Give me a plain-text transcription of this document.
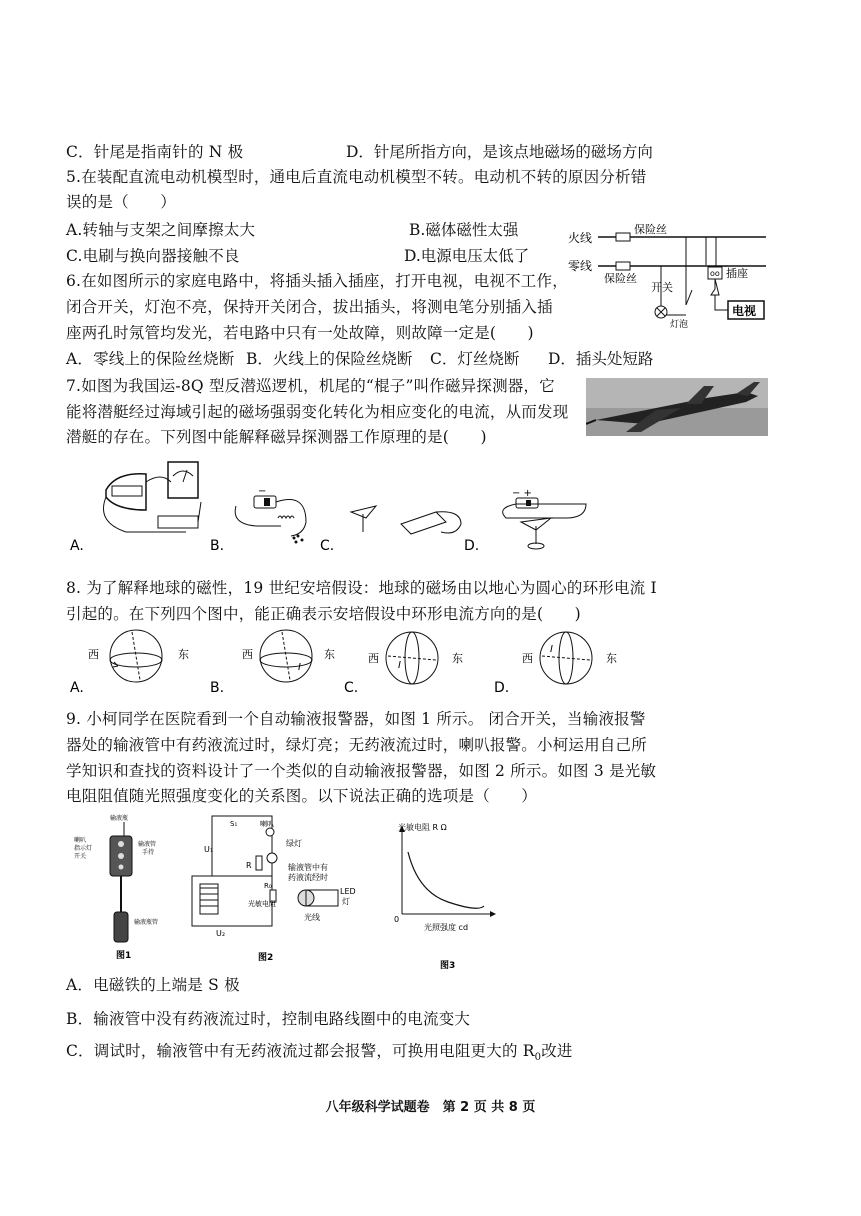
C．针尾是指南针的 N 极	D．针尾所指方向，是该点地磁场的磁场方向
5.在装配直流电动机模型时，通电后直流电动机模型不转。电动机不转的原因分析错
误的是（　　）
A.转轴与支架之间摩擦太大	B.磁体磁性太强
C.电刷与换向器接触不良	D.电源电压太低了
火线
零线
保险丝
保险丝
开关
灯泡
oo 插座
电视
6.在如图所示的家庭电路中，将插头插入插座，打开电视，电视不工作，
闭合开关，灯泡不亮，保持开关闭合，拔出插头，将测电笔分别插入插
座两孔时氖管均发光，若电路中只有一处故障，则故障一定是(　　)
A．零线上的保险丝烧断 B．火线上的保险丝烧断 C．灯丝烧断 D．插头处短路
7.如图为我国运-8Q 型反潜巡逻机，机尾的“棍子”叫作磁异探测器，它
能将潜艇经过海域引起的磁场强弱变化转化为相应变化的电流，从而发现
潜艇的存在。下列图中能解释磁异探测器工作原理的是(　　)
A.	B.
−
C.	D.
− +
8. 为了解释地球的磁性，19 世纪安培假设：地球的磁场由以地心为圆心的环形电流 I
引起的。在下列四个图中，能正确表示安培假设中环形电流方向的是(　　)
A.
西	东
B.
西	东
I
C.
西	东
I
D.
西	东
I
9. 小柯同学在医院看到一个自动输液报警器，如图 1 所示。 闭合开关，当输液报警
器处的输液管中有药液流过时，绿灯亮；无药液流过时，喇叭报警。小柯运用自己所
学知识和查找的资料设计了一个类似的自动输液报警器，如图 2 所示。如图 3 是光敏
电阻阻值随光照强度变化的关系图。以下说法正确的选项是（　　）
输液瓶
喇叭
指示灯
开关
输液管
手持
输液瓶管
图1
S₁	喇叭
绿灯
U₁
R	输液管中有
药液流经时
R₀
光敏电阻
LED
灯
光线
U₂
图2
光敏电阻 R Ω
光照强度 cd
0
图3
A．电磁铁的上端是 S 极
B．输液管中没有药液流过时，控制电路线圈中的电流变大
C．调试时，输液管中有无药液流过都会报警，可换用电阻更大的 $R_0$改进
八年级科学试题卷　第 2 页 共 8 页
